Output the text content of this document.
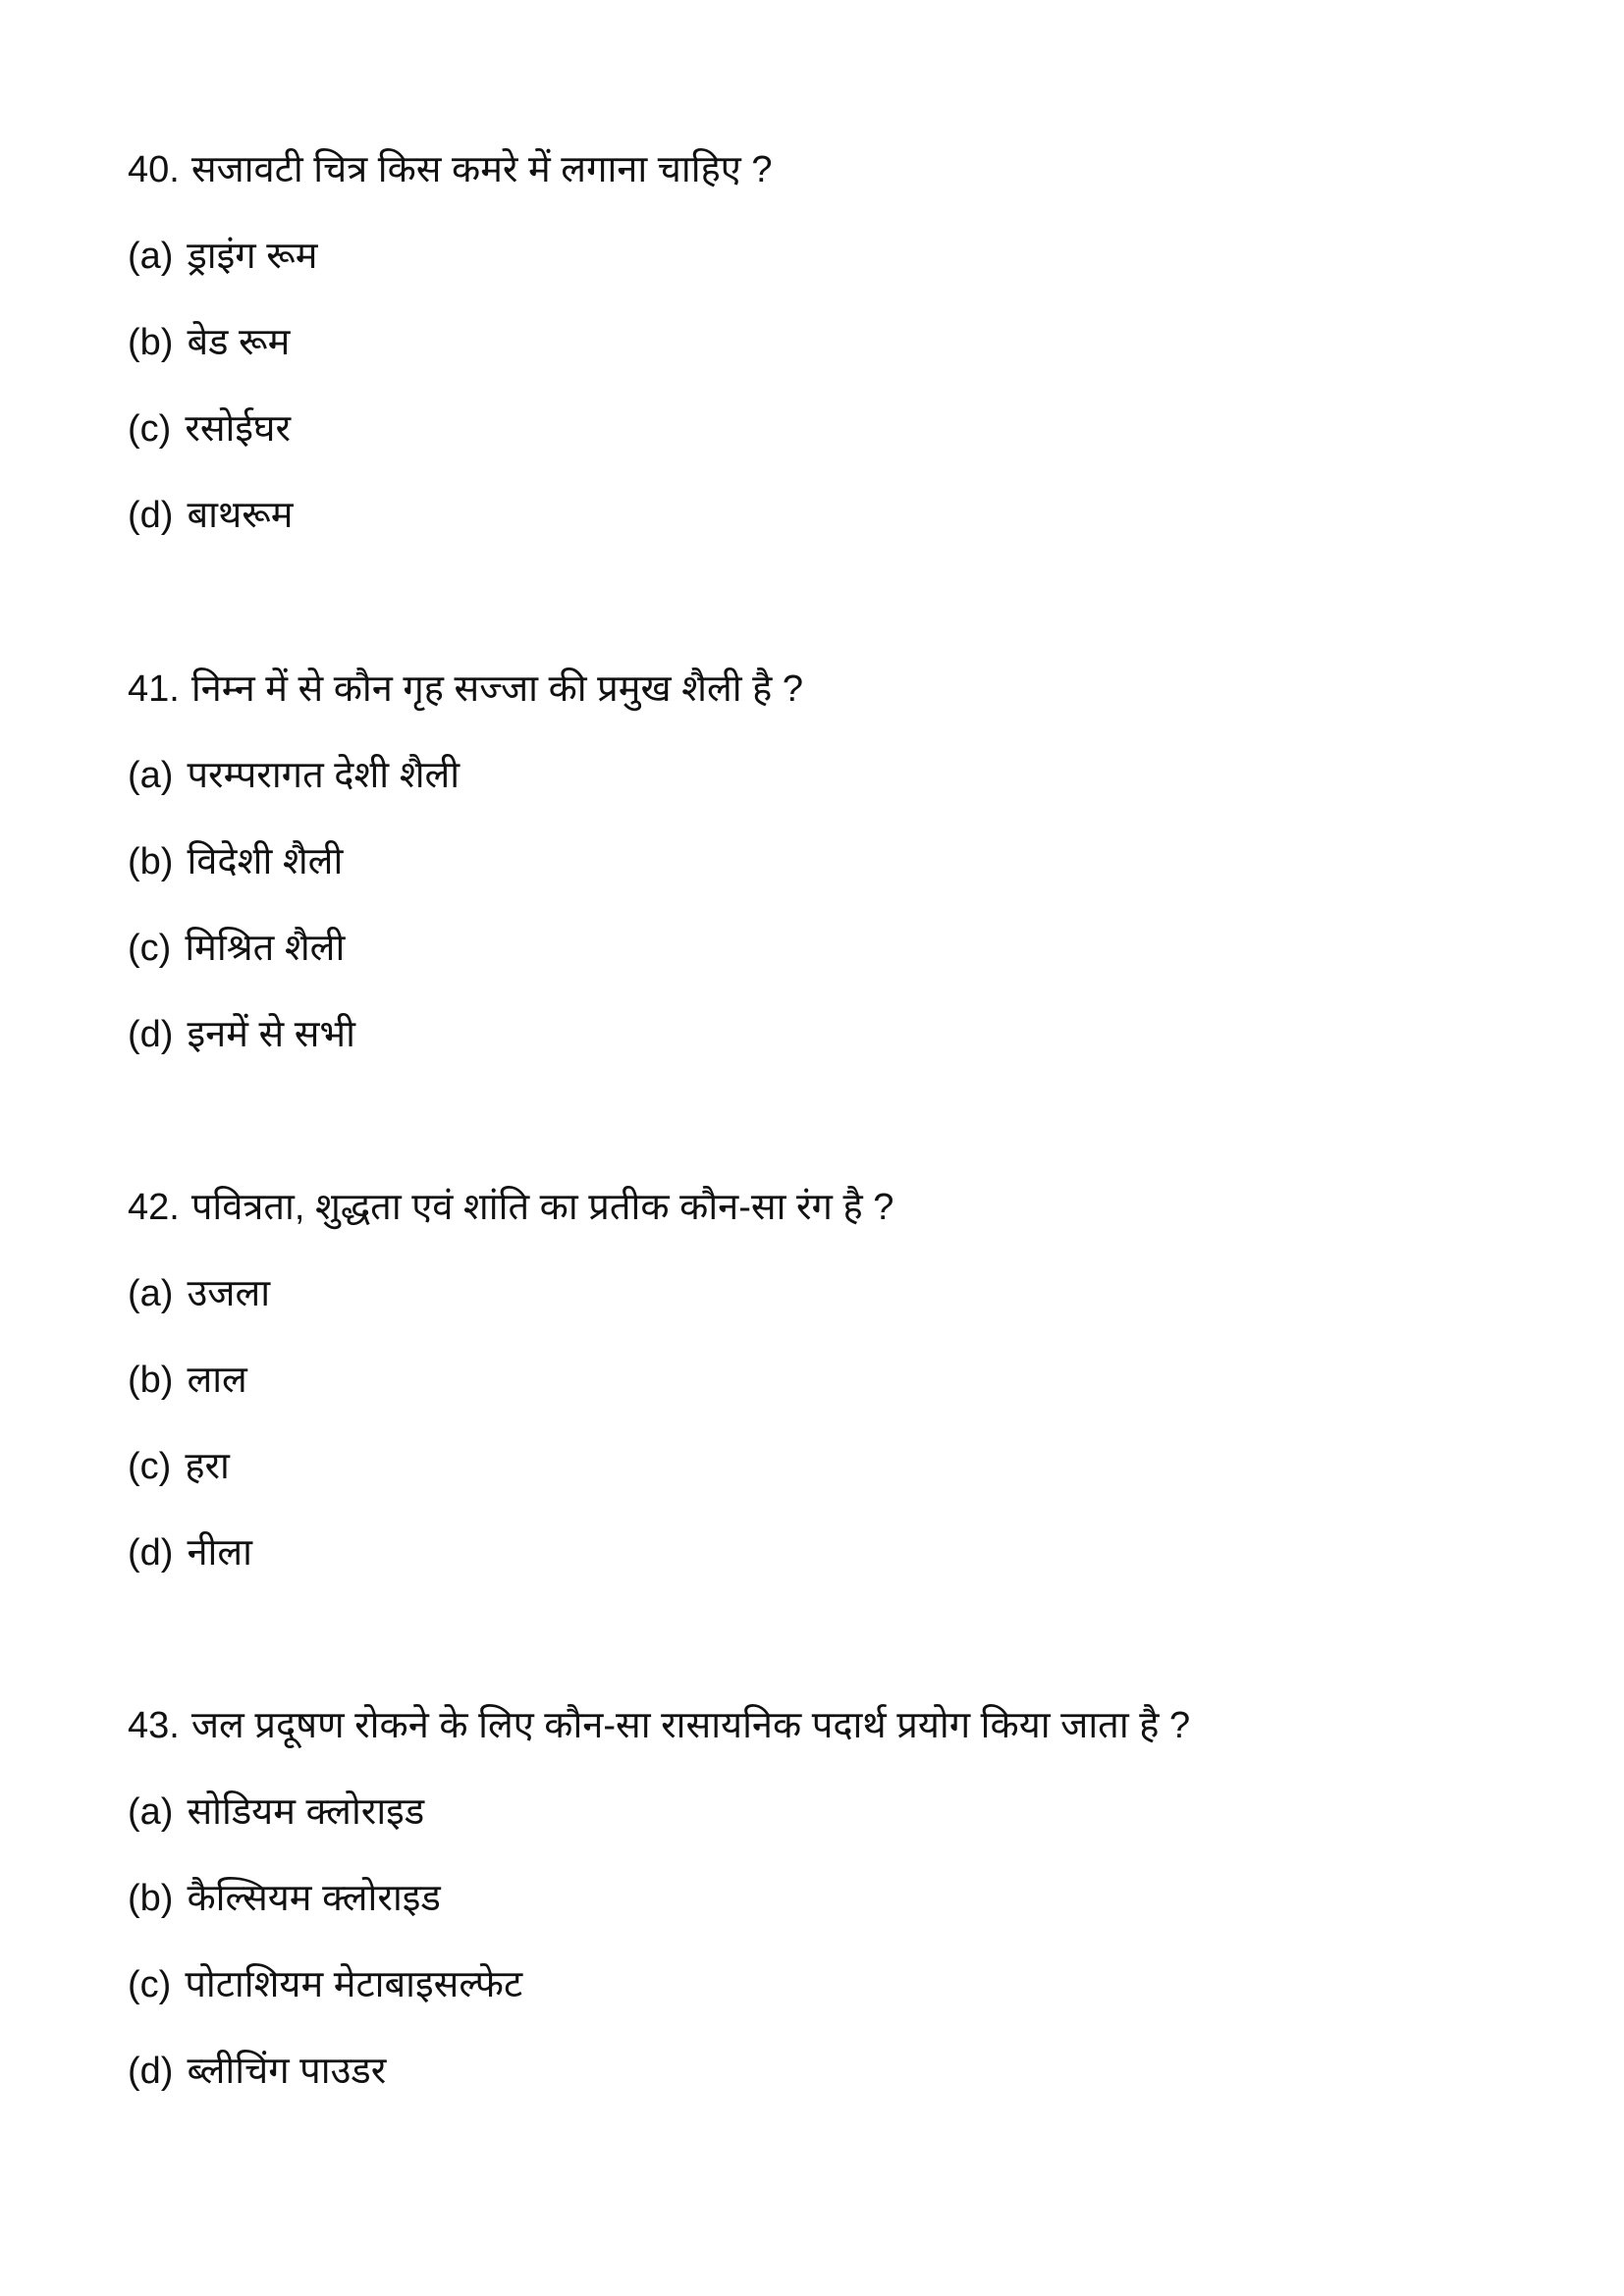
40. सजावटी चित्र किस कमरे में लगाना चाहिए ?
(a) ड्राइंग रूम
(b) बेड रूम
(c) रसोईघर
(d) बाथरूम
41. निम्न में से कौन गृह सज्जा की प्रमुख शैली है ?
(a) परम्परागत देशी शैली
(b) विदेशी शैली
(c) मिश्रित शैली
(d) इनमें से सभी
42. पवित्रता, शुद्धता एवं शांति का प्रतीक कौन-सा रंग है ?
(a) उजला
(b) लाल
(c) हरा
(d) नीला
43. जल प्रदूषण रोकने के लिए कौन-सा रासायनिक पदार्थ प्रयोग किया जाता है ?
(a) सोडियम क्लोराइड
(b) कैल्सियम क्लोराइड
(c) पोटाशियम मेटाबाइसल्फेट
(d) ब्लीचिंग पाउडर
